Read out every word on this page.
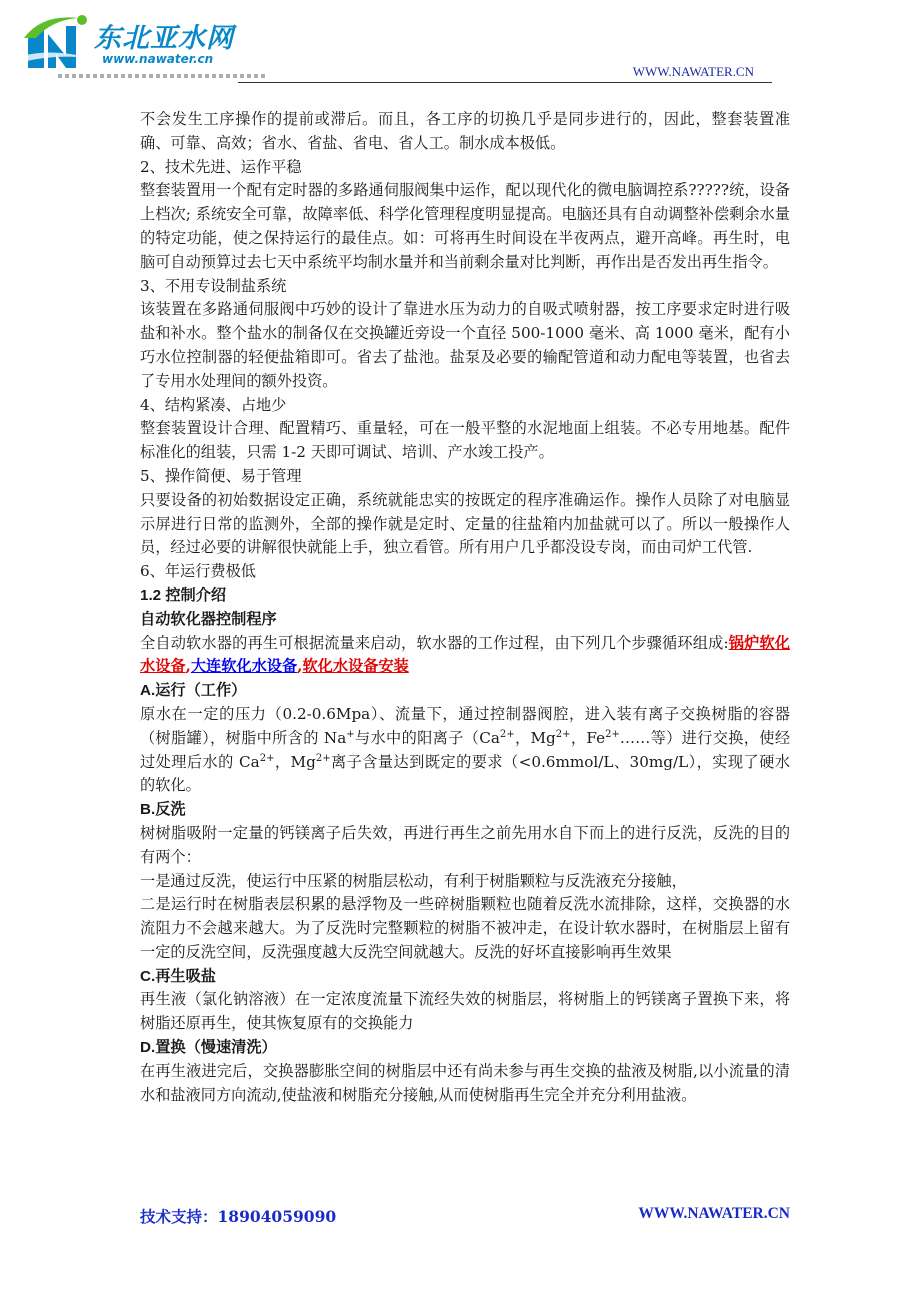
东北亚水网
www.nawater.cn
WWW.NAWATER.CN

不会发生工序操作的提前或滞后。而且，各工序的切换几乎是同步进行的，因此，整套装置准确、可靠、高效；省水、省盐、省电、省人工。制水成本极低。

2、技术先进、运作平稳

整套装置用一个配有定时器的多路通伺服阀集中运作，配以现代化的微电脑调控系?????统，设备上档次; 系统安全可靠，故障率低、科学化管理程度明显提高。电脑还具有自动调整补偿剩余水量的特定功能，使之保持运行的最佳点。如：可将再生时间设在半夜两点，避开高峰。再生时，电脑可自动预算过去七天中系统平均制水量并和当前剩余量对比判断，再作出是否发出再生指令。

3、不用专设制盐系统

该装置在多路通伺服阀中巧妙的设计了靠进水压为动力的自吸式喷射器，按工序要求定时进行吸盐和补水。整个盐水的制备仅在交换罐近旁设一个直径 500-1000 毫米、高 1000 毫米，配有小巧水位控制器的轻便盐箱即可。省去了盐池。盐泵及必要的输配管道和动力配电等装置，也省去了专用水处理间的额外投资。

4、结构紧凑、占地少

整套装置设计合理、配置精巧、重量轻，可在一般平整的水泥地面上组装。不必专用地基。配件标准化的组装，只需 1-2 天即可调试、培训、产水竣工投产。

5、操作简便、易于管理

只要设备的初始数据设定正确，系统就能忠实的按既定的程序准确运作。操作人员除了对电脑显示屏进行日常的监测外，全部的操作就是定时、定量的往盐箱内加盐就可以了。所以一般操作人员，经过必要的讲解很快就能上手，独立看管。所有用户几乎都没设专岗，而由司炉工代管.

6、年运行费极低

1.2 控制介绍

自动软化器控制程序

全自动软水器的再生可根据流量来启动，软水器的工作过程，由下列几个步骤循环组成:锅炉软化水设备,大连软化水设备,软化水设备安装

A.运行（工作）

原水在一定的压力（0.2-0.6Mpa）、流量下，通过控制器阀腔，进入装有离子交换树脂的容器（树脂罐），树脂中所含的 Na+与水中的阳离子（$Ca^{2+}$，$Mg^{2+}$，$Fe^{2+}\dots\dots$等）进行交换，使经过处理后水的 $Ca^{2+}$，$Mg^{2+}$离子含量达到既定的要求（<0.6mmol/L、30mg/L），实现了硬水的软化。

B.反洗

树树脂吸附一定量的钙镁离子后失效，再进行再生之前先用水自下而上的进行反洗，反洗的目的有两个：

一是通过反洗，使运行中压紧的树脂层松动，有利于树脂颗粒与反洗液充分接触，

二是运行时在树脂表层积累的悬浮物及一些碎树脂颗粒也随着反洗水流排除，这样，交换器的水流阻力不会越来越大。为了反洗时完整颗粒的树脂不被冲走，在设计软水器时，在树脂层上留有一定的反洗空间，反洗强度越大反洗空间就越大。反洗的好坏直接影响再生效果

C.再生吸盐

再生液（氯化钠溶液）在一定浓度流量下流经失效的树脂层，将树脂上的钙镁离子置换下来，将树脂还原再生，使其恢复原有的交换能力

D.置换（慢速清洗）

在再生液进完后，交换器膨胀空间的树脂层中还有尚未参与再生交换的盐液及树脂,以小流量的清水和盐液同方向流动,使盐液和树脂充分接触,从而使树脂再生完全并充分利用盐液。

技术支持：18904059090	WWW.NAWATER.CN
